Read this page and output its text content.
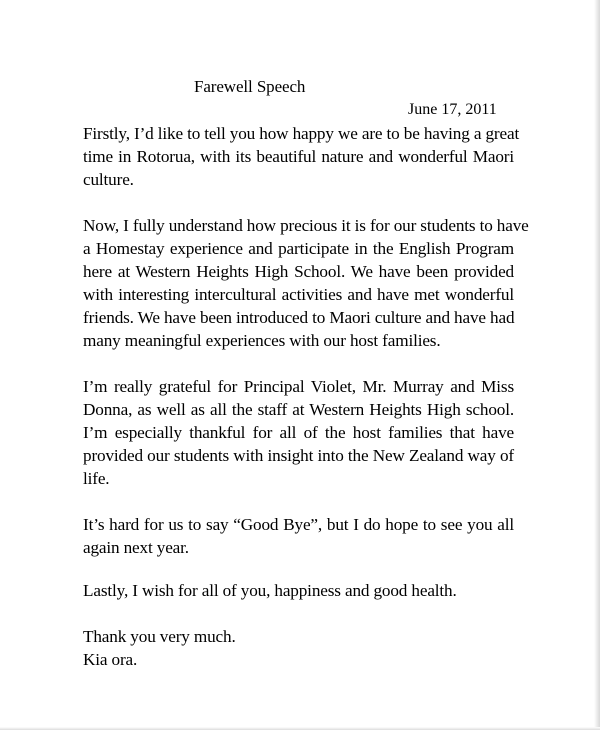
Farewell Speech
June 17, 2011
Firstly, I’d like to tell you how happy we are to be having a great
time in Rotorua, with its beautiful nature and wonderful Maori
culture.
Now, I fully understand how precious it is for our students to have
a Homestay experience and participate in the English Program
here at Western Heights High School. We have been provided
with interesting intercultural activities and have met wonderful
friends. We have been introduced to Maori culture and have had
many meaningful experiences with our host families.
I’m really grateful for Principal Violet, Mr. Murray and Miss
Donna, as well as all the staff at Western Heights High school.
I’m especially thankful for all of the host families that have
provided our students with insight into the New Zealand way of
life.
It’s hard for us to say “Good Bye”, but I do hope to see you all
again next year.
Lastly, I wish for all of you, happiness and good health.
Thank you very much.
Kia ora.
